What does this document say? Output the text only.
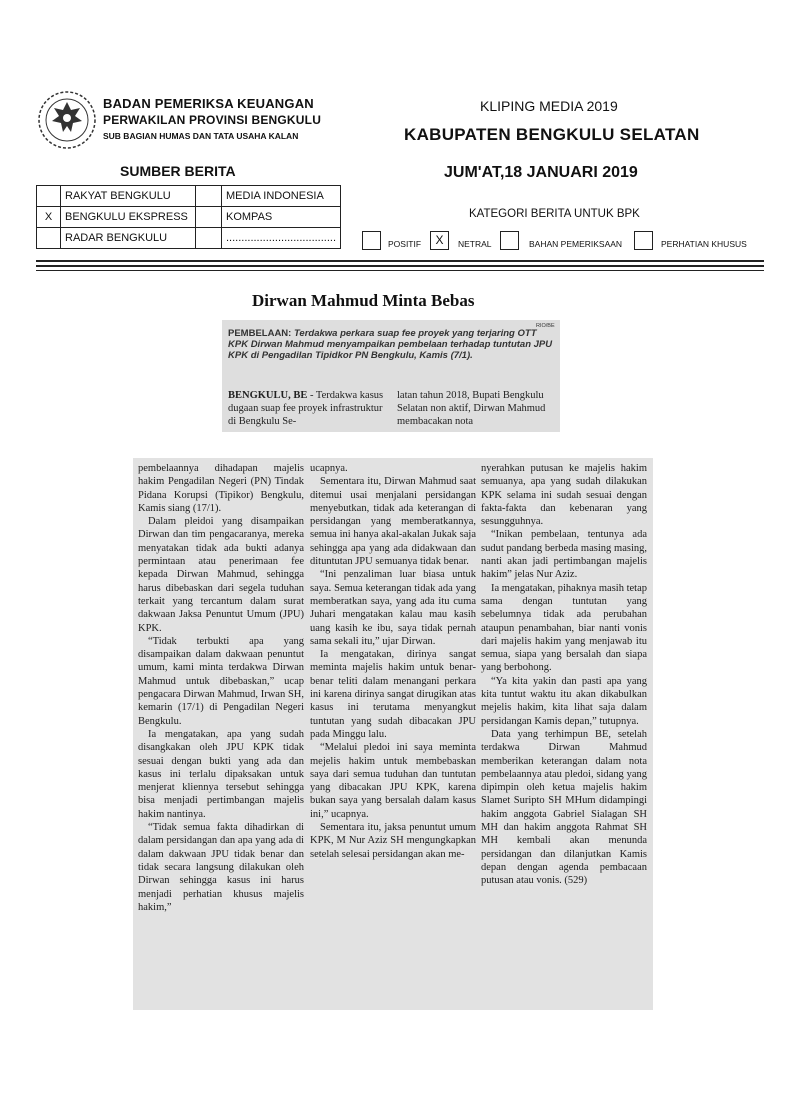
BADAN PEMERIKSA KEUANGAN
PERWAKILAN PROVINSI BENGKULU
SUB BAGIAN HUMAS DAN TATA USAHA KALAN
KLIPING MEDIA 2019
KABUPATEN BENGKULU SELATAN
JUM'AT,18 JANUARI 2019
SUMBER BERITA
	RAKYAT BENGKULU		MEDIA INDONESIA
X	BENGKULU EKSPRESS		KOMPAS
	RADAR BENGKULU		....................................
KATEGORI BERITA UNTUK BPK
POSITIF	X	NETRAL	BAHAN PEMERIKSAAN	PERHATIAN KHUSUS
Dirwan Mahmud Minta Bebas
RIO/BE
PEMBELAAN: Terdakwa perkara suap fee proyek yang terjaring OTT KPK Dirwan Mahmud menyampaikan pembelaan terhadap tuntutan JPU KPK di Pengadilan Tipidkor PN Bengkulu, Kamis (7/1).
BENGKULU, BE - Terdakwa kasus dugaan suap fee proyek infrastruktur di Bengkulu Se-
latan tahun 2018, Bupati Bengkulu Selatan non aktif, Dirwan Mahmud membacakan nota

pembelaannya dihadapan majelis hakim Pengadilan Negeri (PN) Tindak Pidana Korupsi (Tipikor) Bengkulu, Kamis siang (17/1).

Dalam pleidoi yang disampaikan Dirwan dan tim pengacaranya, mereka menyatakan tidak ada bukti adanya permintaan atau penerimaan fee kepada Dirwan Mahmud, sehingga harus dibebaskan dari segela tuduhan terkait yang tercantum dalam surat dakwaan Jaksa Penuntut Umum (JPU) KPK.

“Tidak terbukti apa yang disampaikan dalam dakwaan penuntut umum, kami minta terdakwa Dirwan Mahmud untuk dibebaskan,” ucap pengacara Dirwan Mahmud, Irwan SH, kemarin (17/1) di Pengadilan Negeri Bengkulu.

Ia mengatakan, apa yang sudah disangkakan oleh JPU KPK tidak sesuai dengan bukti yang ada dan kasus ini terlalu dipaksakan untuk menjerat kliennya tersebut sehingga bisa menjadi pertimbangan majelis hakim nantinya.

“Tidak semua fakta dihadirkan di dalam persidangan dan apa yang ada di dalam dakwaan JPU tidak benar dan tidak secara langsung dilakukan oleh Dirwan sehingga kasus ini harus menjadi perhatian khusus majelis hakim,”

ucapnya.

Sementara itu, Dirwan Mahmud saat ditemui usai menjalani persidangan menyebutkan, tidak ada keterangan di persidangan yang memberatkannya, semua ini hanya akal-akalan Jukak saja sehingga apa yang ada didakwaan dan dituntutan JPU semuanya tidak benar.

“Ini penzaliman luar biasa untuk saya. Semua keterangan tidak ada yang memberatkan saya, yang ada itu cuma Juhari mengatakan kalau mau kasih uang kasih ke ibu, saya tidak pernah sama sekali itu,” ujar Dirwan.

Ia mengatakan, dirinya sangat meminta majelis hakim untuk benar-benar teliti dalam menangani perkara ini karena dirinya sangat dirugikan atas kasus ini terutama menyangkut tuntutan yang sudah dibacakan JPU pada Minggu lalu.

“Melalui pledoi ini saya meminta mejelis hakim untuk membebaskan saya dari semua tuduhan dan tuntutan yang dibacakan JPU KPK, karena bukan saya yang bersalah dalam kasus ini,” ucapnya.

Sementara itu, jaksa penuntut umum KPK, M Nur Aziz SH mengungkapkan setelah selesai persidangan akan me-

nyerahkan putusan ke majelis hakim semuanya, apa yang sudah dilakukan KPK selama ini sudah sesuai dengan fakta-fakta dan kebenaran yang sesungguhnya.

“Inikan pembelaan, tentunya ada sudut pandang berbeda masing masing, nanti akan jadi pertimbangan majelis hakim” jelas Nur Aziz.

Ia mengatakan, pihaknya masih tetap sama dengan tuntutan yang sebelumnya tidak ada perubahan ataupun penambahan, biar nanti vonis dari majelis hakim yang menjawab itu semua, siapa yang bersalah dan siapa yang berbohong.

“Ya kita yakin dan pasti apa yang kita tuntut waktu itu akan dikabulkan mejelis hakim, kita lihat saja dalam persidangan Kamis depan,” tutupnya.

Data yang terhimpun BE, setelah terdakwa Dirwan Mahmud memberikan keterangan dalam nota pembelaannya atau pledoi, sidang yang dipimpin oleh ketua majelis hakim Slamet Suripto SH MHum didampingi hakim anggota Gabriel Sialagan SH MH dan hakim anggota Rahmat SH MH kembali akan menunda persidangan dan dilanjutkan Kamis depan dengan agenda pembacaan putusan atau vonis. (529)
